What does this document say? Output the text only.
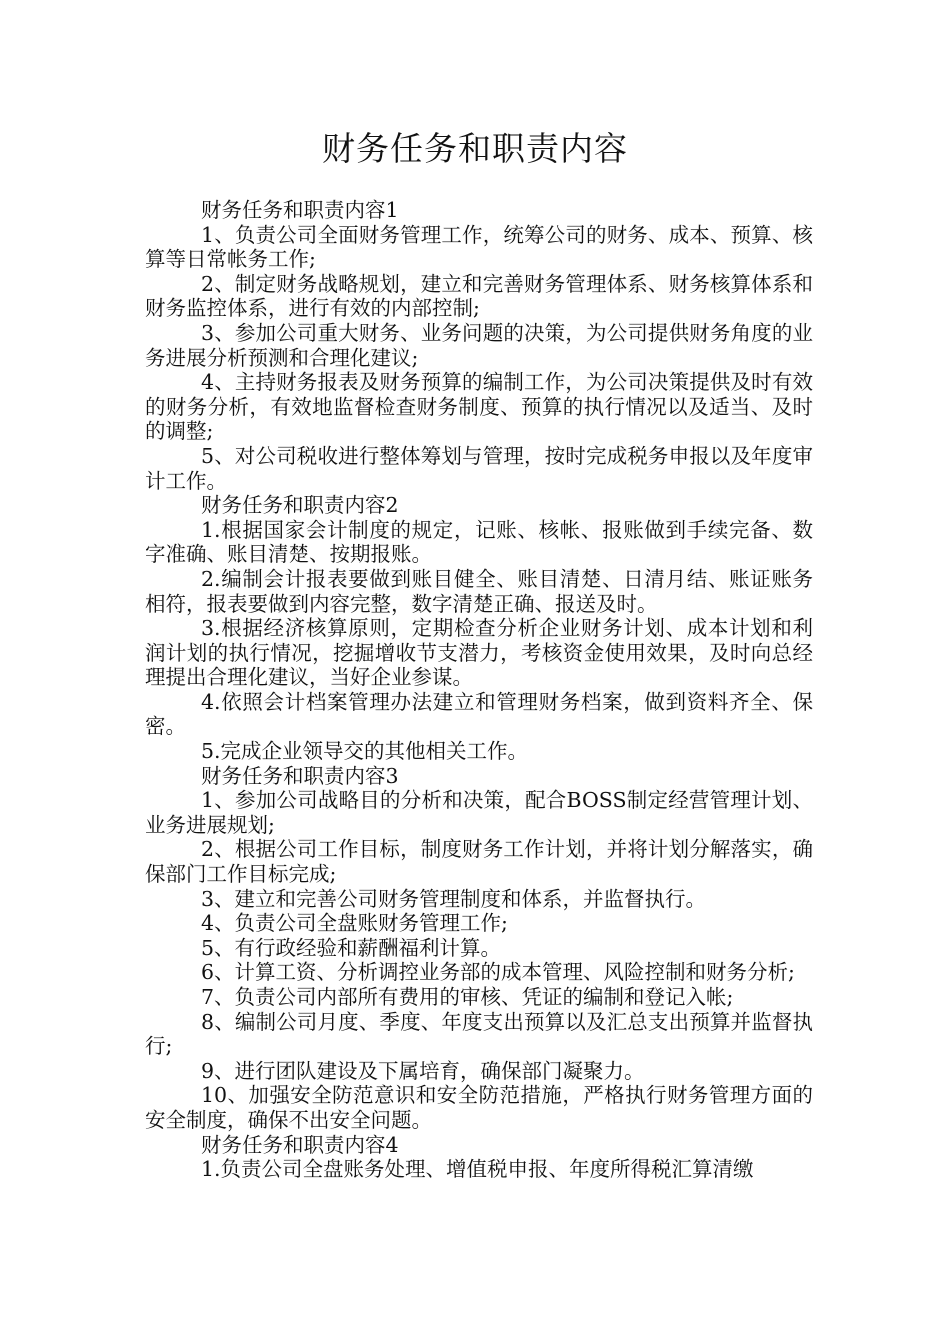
财务任务和职责内容

财务任务和职责内容1

1、负责公司全面财务管理工作，统筹公司的财务、成本、预算、核算等日常帐务工作;

2、制定财务战略规划，建立和完善财务管理体系、财务核算体系和财务监控体系，进行有效的内部控制;

3、参加公司重大财务、业务问题的决策，为公司提供财务角度的业务进展分析预测和合理化建议;

4、主持财务报表及财务预算的编制工作，为公司决策提供及时有效的财务分析，有效地监督检查财务制度、预算的执行情况以及适当、及时的调整;

5、对公司税收进行整体筹划与管理，按时完成税务申报以及年度审计工作。

财务任务和职责内容2

1.根据国家会计制度的规定，记账、核帐、报账做到手续完备、数字准确、账目清楚、按期报账。

2.编制会计报表要做到账目健全、账目清楚、日清月结、账证账务相符，报表要做到内容完整，数字清楚正确、报送及时。

3.根据经济核算原则，定期检查分析企业财务计划、成本计划和利润计划的执行情况，挖掘增收节支潜力，考核资金使用效果，及时向总经理提出合理化建议，当好企业参谋。

4.依照会计档案管理办法建立和管理财务档案，做到资料齐全、保密。

5.完成企业领导交的其他相关工作。

财务任务和职责内容3

1、参加公司战略目的分析和决策，配合BOSS制定经营管理计划、业务进展规划;

2、根据公司工作目标，制度财务工作计划，并将计划分解落实，确保部门工作目标完成;

3、建立和完善公司财务管理制度和体系，并监督执行。

4、负责公司全盘账财务管理工作;

5、有行政经验和薪酬福利计算。

6、计算工资、分析调控业务部的成本管理、风险控制和财务分析;

7、负责公司内部所有费用的审核、凭证的编制和登记入帐;

8、编制公司月度、季度、年度支出预算以及汇总支出预算并监督执行;

9、进行团队建设及下属培育，确保部门凝聚力。

10、加强安全防范意识和安全防范措施，严格执行财务管理方面的安全制度，确保不出安全问题。

财务任务和职责内容4

1.负责公司全盘账务处理、增值税申报、年度所得税汇算清缴
